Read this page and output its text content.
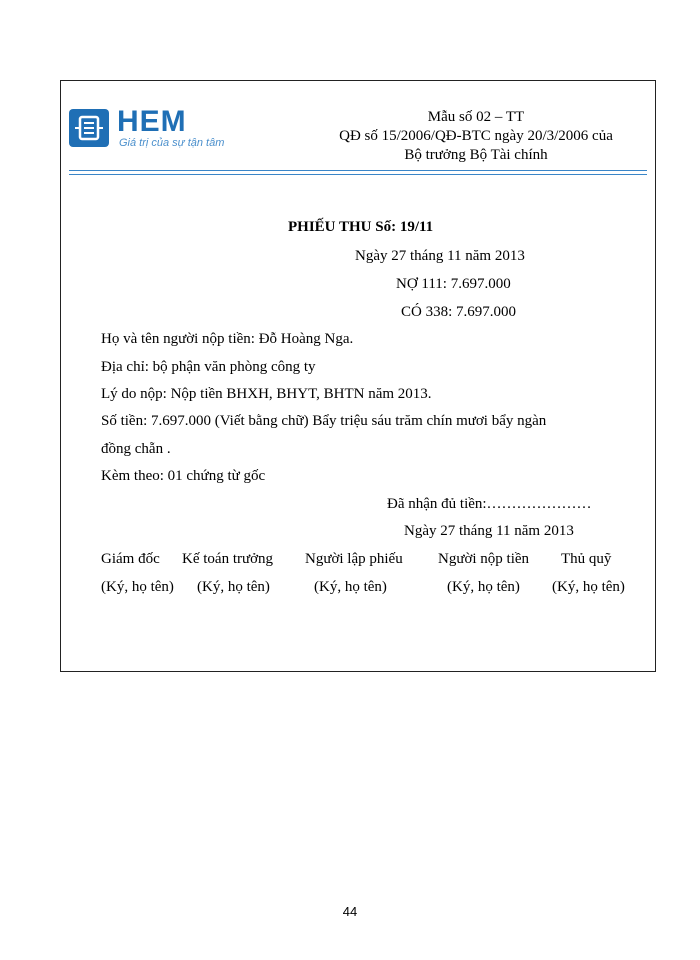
HEM
Giá trị của sự tận tâm
Mẫu số 02 – TT
QĐ số 15/2006/QĐ-BTC ngày 20/3/2006 của
Bộ trưởng Bộ Tài chính
PHIẾU THU Số: 19/11
Ngày 27 tháng 11 năm 2013
NỢ 111: 7.697.000
CÓ 338: 7.697.000
Họ và tên người nộp tiền: Đỗ Hoàng Nga.
Địa chỉ: bộ phận văn phòng công ty
Lý do nộp: Nộp tiền BHXH, BHYT, BHTN năm 2013.
Số tiền: 7.697.000 (Viết bằng chữ) Bẩy triệu sáu trăm chín mươi bẩy ngàn
đồng chẵn .
Kèm theo: 01 chứng từ gốc
Đã nhận đủ tiền:…………………
Ngày 27 tháng 11 năm 2013
Giám đốc Kế toán trưởng Người lập phiếu Người nộp tiền Thủ quỹ
(Ký, họ tên) (Ký, họ tên)	(Ký, họ tên)	(Ký, họ tên) (Ký, họ tên)
44
